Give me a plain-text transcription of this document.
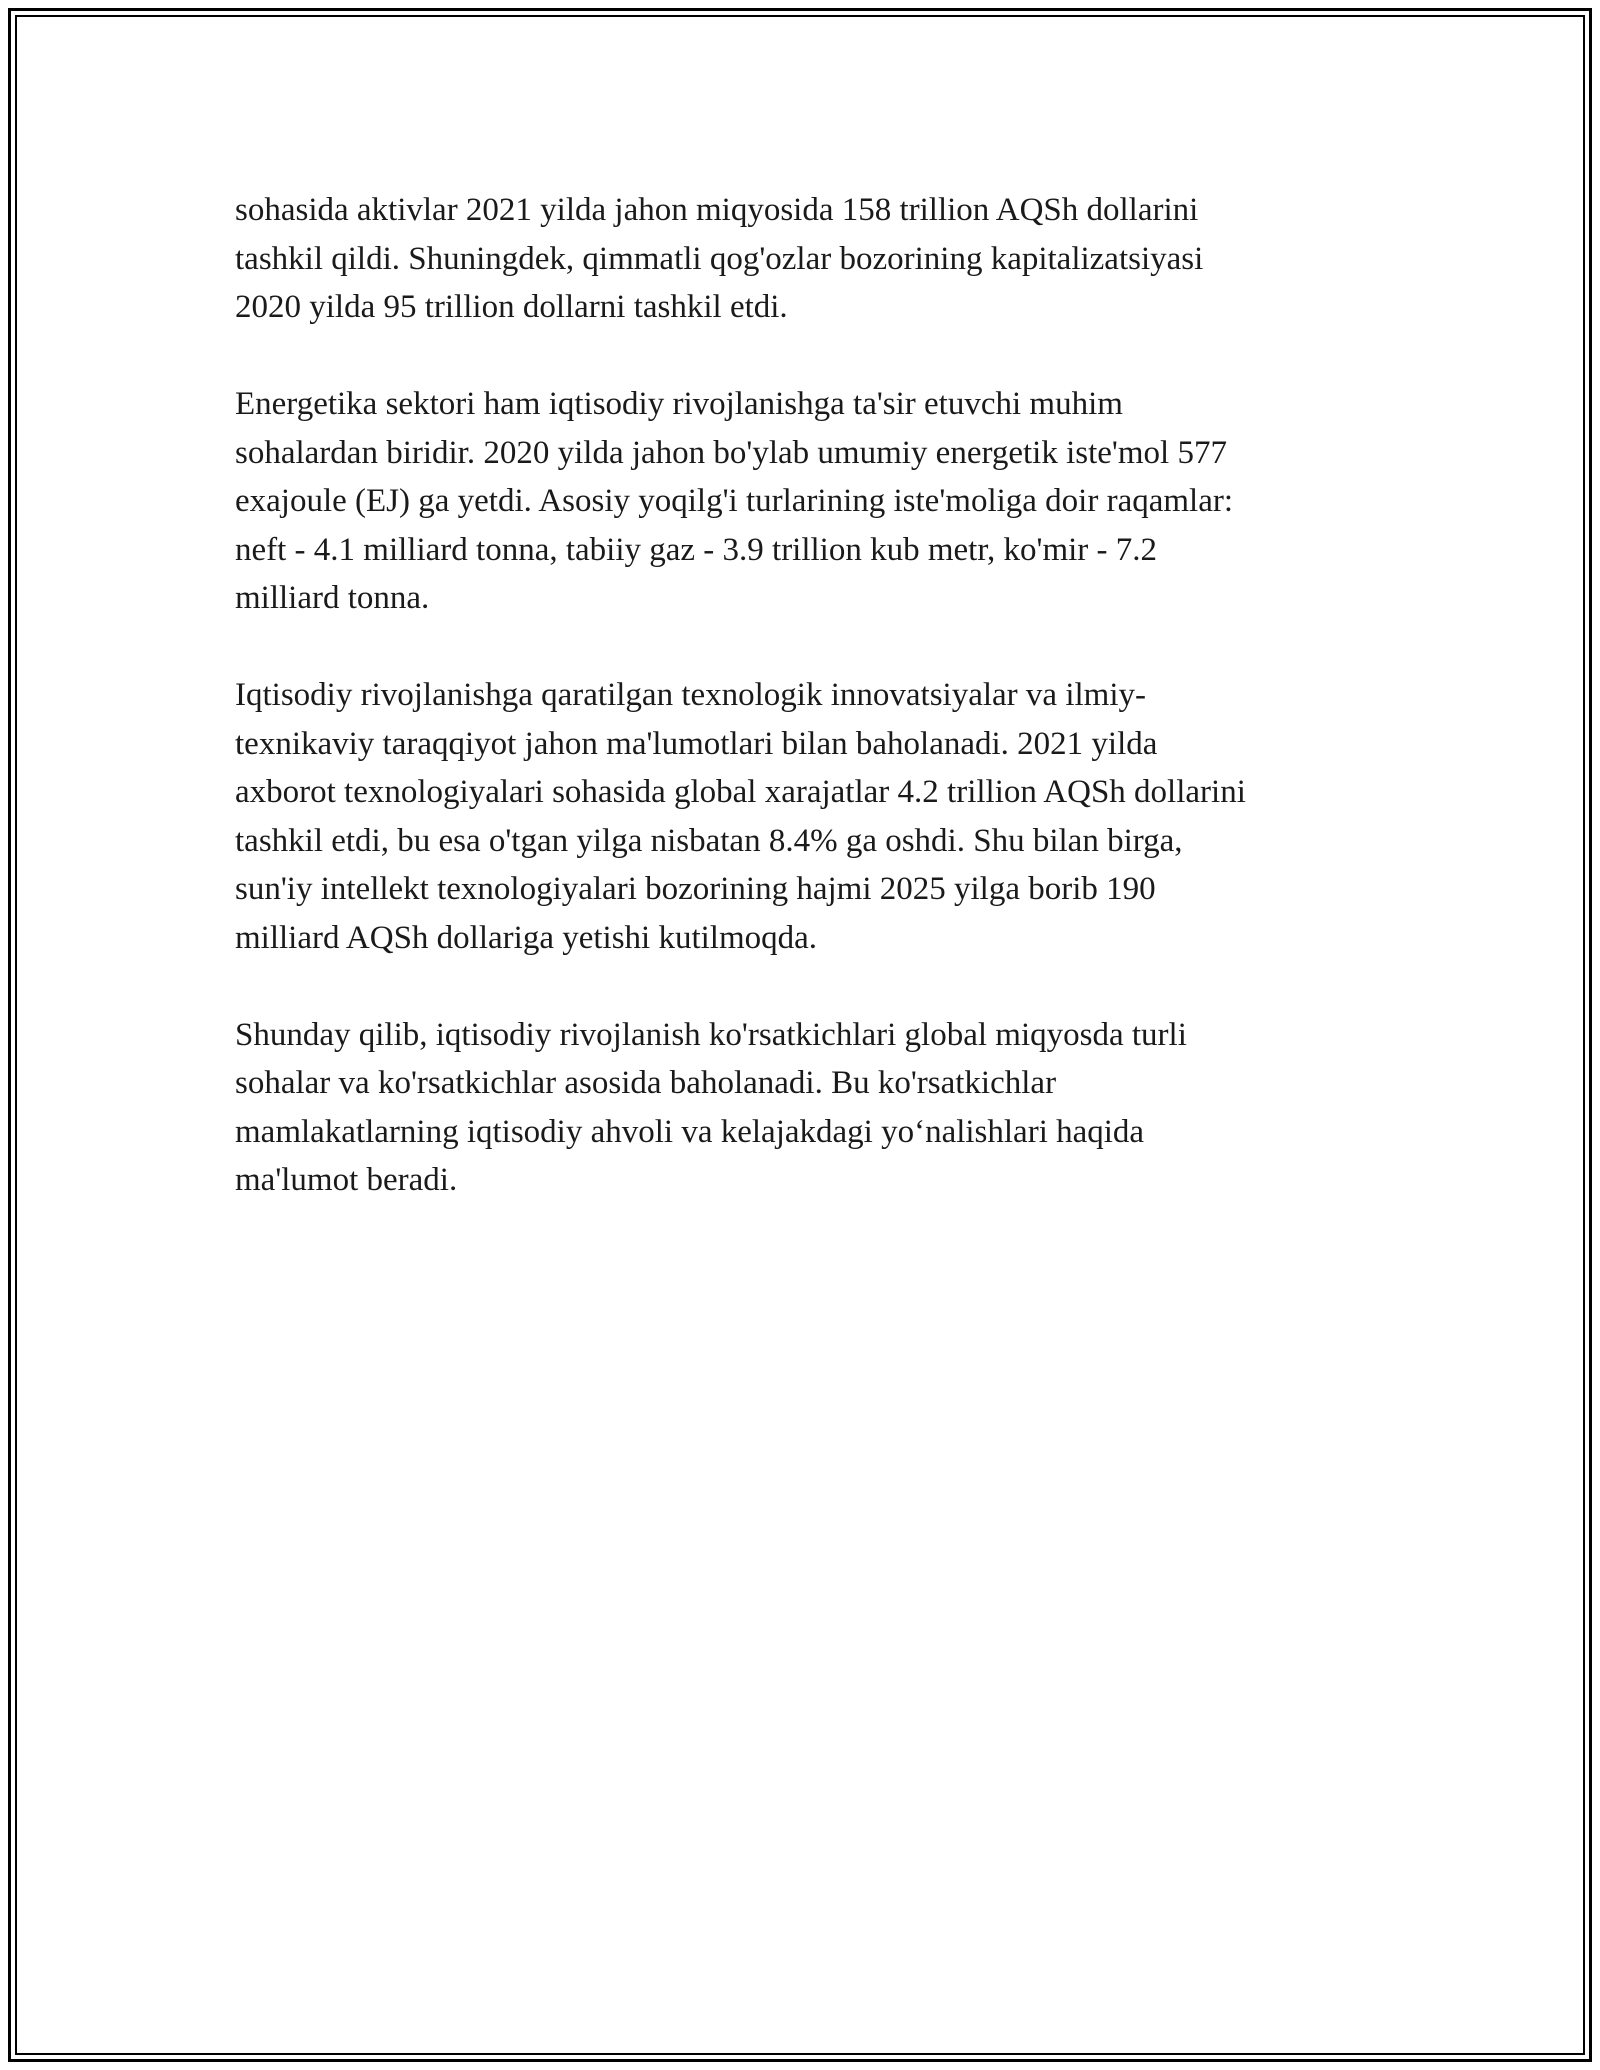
sohasida aktivlar 2021 yilda jahon miqyosida 158 trillion AQSh dollarini
tashkil qildi. Shuningdek, qimmatli qog'ozlar bozorining kapitalizatsiyasi
2020 yilda 95 trillion dollarni tashkil etdi.

Energetika sektori ham iqtisodiy rivojlanishga ta'sir etuvchi muhim
sohalardan biridir. 2020 yilda jahon bo'ylab umumiy energetik iste'mol 577
exajoule (EJ) ga yetdi. Asosiy yoqilg'i turlarining iste'moliga doir raqamlar:
neft - 4.1 milliard tonna, tabiiy gaz - 3.9 trillion kub metr, ko'mir - 7.2
milliard tonna.

Iqtisodiy rivojlanishga qaratilgan texnologik innovatsiyalar va ilmiy-
texnikaviy taraqqiyot jahon ma'lumotlari bilan baholanadi. 2021 yilda
axborot texnologiyalari sohasida global xarajatlar 4.2 trillion AQSh dollarini
tashkil etdi, bu esa o'tgan yilga nisbatan 8.4% ga oshdi. Shu bilan birga,
sun'iy intellekt texnologiyalari bozorining hajmi 2025 yilga borib 190
milliard AQSh dollariga yetishi kutilmoqda.

Shunday qilib, iqtisodiy rivojlanish ko'rsatkichlari global miqyosda turli
sohalar va ko'rsatkichlar asosida baholanadi. Bu ko'rsatkichlar
mamlakatlarning iqtisodiy ahvoli va kelajakdagi yo‘nalishlari haqida
ma'lumot beradi.
